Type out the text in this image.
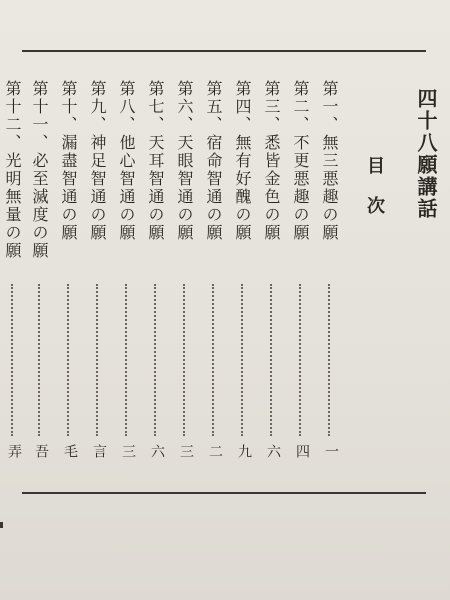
四十八願講話
目次
第一、無三悪趣の願
一
第二、不更悪趣の願
四
第三、悉皆金色の願
六
第四、無有好醜の願
九
第五、宿命智通の願
二
第六、天眼智通の願
三
第七、天耳智通の願
六
第八、他心智通の願
三
第九、神足智通の願
言
第十、漏盡智通の願
毛
第十一、必至滅度の願
吾
第十二、光明無量の願
弄
